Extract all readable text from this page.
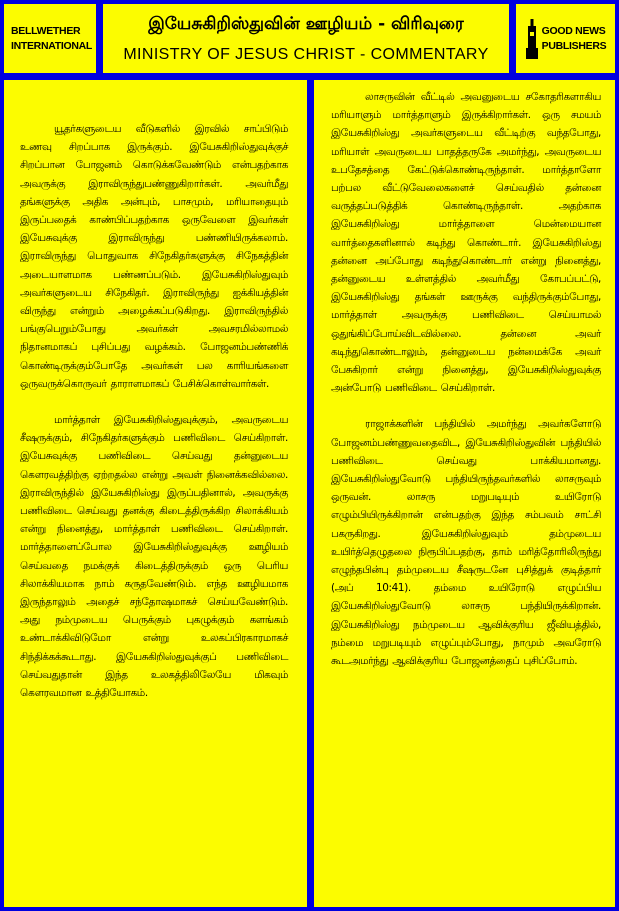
BELLWETHER
INTERNATIONAL
இயேசுகிறிஸ்துவின் ஊழியம் - விரிவுரை
MINISTRY OF JESUS CHRIST - COMMENTARY
GOOD NEWS
PUBLISHERS

யூதர்களுடைய வீடுகளில் இரவில் சாப்பிடும் உணவு சிறப்பாக இருக்கும். இயேசுகிறிஸ்துவுக்குச் சிறப்பான போஜனம் கொடுக்கவேண்டும் என்பதற்காக அவருக்கு இராவிருந்துபண்ணுகிறார்கள். அவர்மீது தங்களுக்கு அதிக அன்பும், பாசமும், மரியாதையும் இருப்பதைக் காண்பிப்பதற்காக ஒருவேளை இவர்கள் இயேசுவுக்கு இராவிருந்து பண்ணியிருக்கலாம். இராவிருந்து பொதுவாக சிநேகிதர்களுக்கு சிநேகத்தின் அடையாளமாக பண்ணப்படும். இயேசுகிறிஸ்துவும் அவர்களுடைய சிநேகிதர். இராவிருந்து ஐக்கியத்தின் விருந்து என்றும் அழைக்கப்படுகிறது. இராவிருந்தில் பங்குபெறும்போது அவர்கள் அவசரமில்லாமல் நிதானமாகப் புசிப்பது வழக்கம். போஜனம்பண்ணிக் கொண்டிருக்கும்போதே அவர்கள் பல காரியங்களை ஒருவருக்கொருவர் தாராளமாகப் பேசிக்கொள்வார்கள்.

மார்த்தாள் இயேசுகிறிஸ்துவுக்கும், அவருடைய சீஷருக்கும், சிநேகிதர்களுக்கும் பணிவிடை செய்கிறாள். இயேசுவுக்கு பணிவிடை செய்வது தன்னுடைய கௌரவத்திற்கு ஏற்றதல்ல என்று அவள் நினைக்கவில்லை. இராவிருந்தில் இயேசுகிறிஸ்து இருப்பதினால், அவருக்கு பணிவிடை செய்வது தனக்கு கிடைத்திருக்கிற சிலாக்கியம் என்று நினைத்து, மார்த்தாள் பணிவிடை செய்கிறாள். மார்த்தாளைப்போல இயேசுகிறிஸ்துவுக்கு ஊழியம் செய்வதை நமக்குக் கிடைத்திருக்கும் ஒரு பெரிய சிலாக்கியமாக நாம் கருதவேண்டும். எந்த ஊழியமாக இருந்தாலும் அதைச் சந்தோஷமாகச் செய்யவேண்டும். அது நம்முடைய பெருக்கும் புகழுக்கும் களங்கம் உண்டாக்கிவிடுமோ என்று உலகப்பிரகாரமாகச் சிந்திக்கக்கூடாது. இயேசுகிறிஸ்துவுக்குப் பணிவிடை செய்வதுதான் இந்த உலகத்திலிலேயே மிகவும் கௌரவமான உத்தியோகம்.

லாசருவின் வீட்டில் அவனுடைய சகோதரிகளாகிய மரியாளும் மார்த்தாளும் இருக்கிறார்கள். ஒரு சமயம் இயேசுகிறிஸ்து அவர்களுடைய வீட்டிற்கு வந்தபோது, மரியாள் அவருடைய பாதத்தருகே அமர்ந்து, அவருடைய உபதேசத்தை கேட்டுக்கொண்டிருந்தாள். மார்த்தாளோ பற்பல வீட்டுவேலைகளைச் செய்வதில் தன்னை வருத்தப்படுத்திக் கொண்டிருந்தாள். அதற்காக இயேசுகிறிஸ்து மார்த்தாளை மென்மையான வார்த்தைகளினால் கடிந்து கொண்டார். இயேசுகிறிஸ்து தன்னை அப்போது கடிந்துகொண்டார் என்று நினைத்து, தன்னுடைய உள்ளத்தில் அவர்மீது கோபப்பட்டு, இயேசுகிறிஸ்து தங்கள் ஊருக்கு வந்திருக்கும்போது, மார்த்தாள் அவருக்கு பணிவிடை செய்யாமல் ஒதுங்கிப்போய்விடவில்லை. தன்னை அவர் கடிந்துகொண்டாலும், தன்னுடைய நன்மைக்கே அவர் பேசுகிறார் என்று நினைத்து, இயேசுகிறிஸ்துவுக்கு அன்போடு பணிவிடை செய்கிறாள்.

ராஜாக்களின் பந்தியில் அமர்ந்து அவர்களோடு போஜனம்பண்ணுவதைவிட, இயேசுகிறிஸ்துவின் பந்தியில் பணிவிடை செய்வது பாக்கியமானது. இயேசுகிறிஸ்துவோடு பந்தியிருந்தவர்களில் லாசருவும் ஒருவன். லாசரு மறுபடியும் உயிரோடு எழும்பியிருக்கிறான் என்பதற்கு இந்த சம்பவம் சாட்சி பகருகிறது. இயேசுகிறிஸ்துவும் தம்முடைய உயிர்த்தெழுதலை நிரூபிப்பதற்கு, தாம் மரித்தோரிலிருந்து எழுந்தபின்பு தம்முடைய சீஷருடனே புசித்துக் குடித்தார் (அப் 10:41). தம்மை உயிரோடு எழுப்பிய இயேசுகிறிஸ்துவோடு லாசரு பந்தியிருக்கிறான். இயேசுகிறிஸ்து நம்முடைய ஆவிக்குரிய ஜீவியத்தில், நம்மை மறுபடியும் எழுப்பும்போது, நாமும் அவரோடு கூடஅமர்ந்து ஆவிக்குரிய போஜனத்தைப் புசிப்போம்.
